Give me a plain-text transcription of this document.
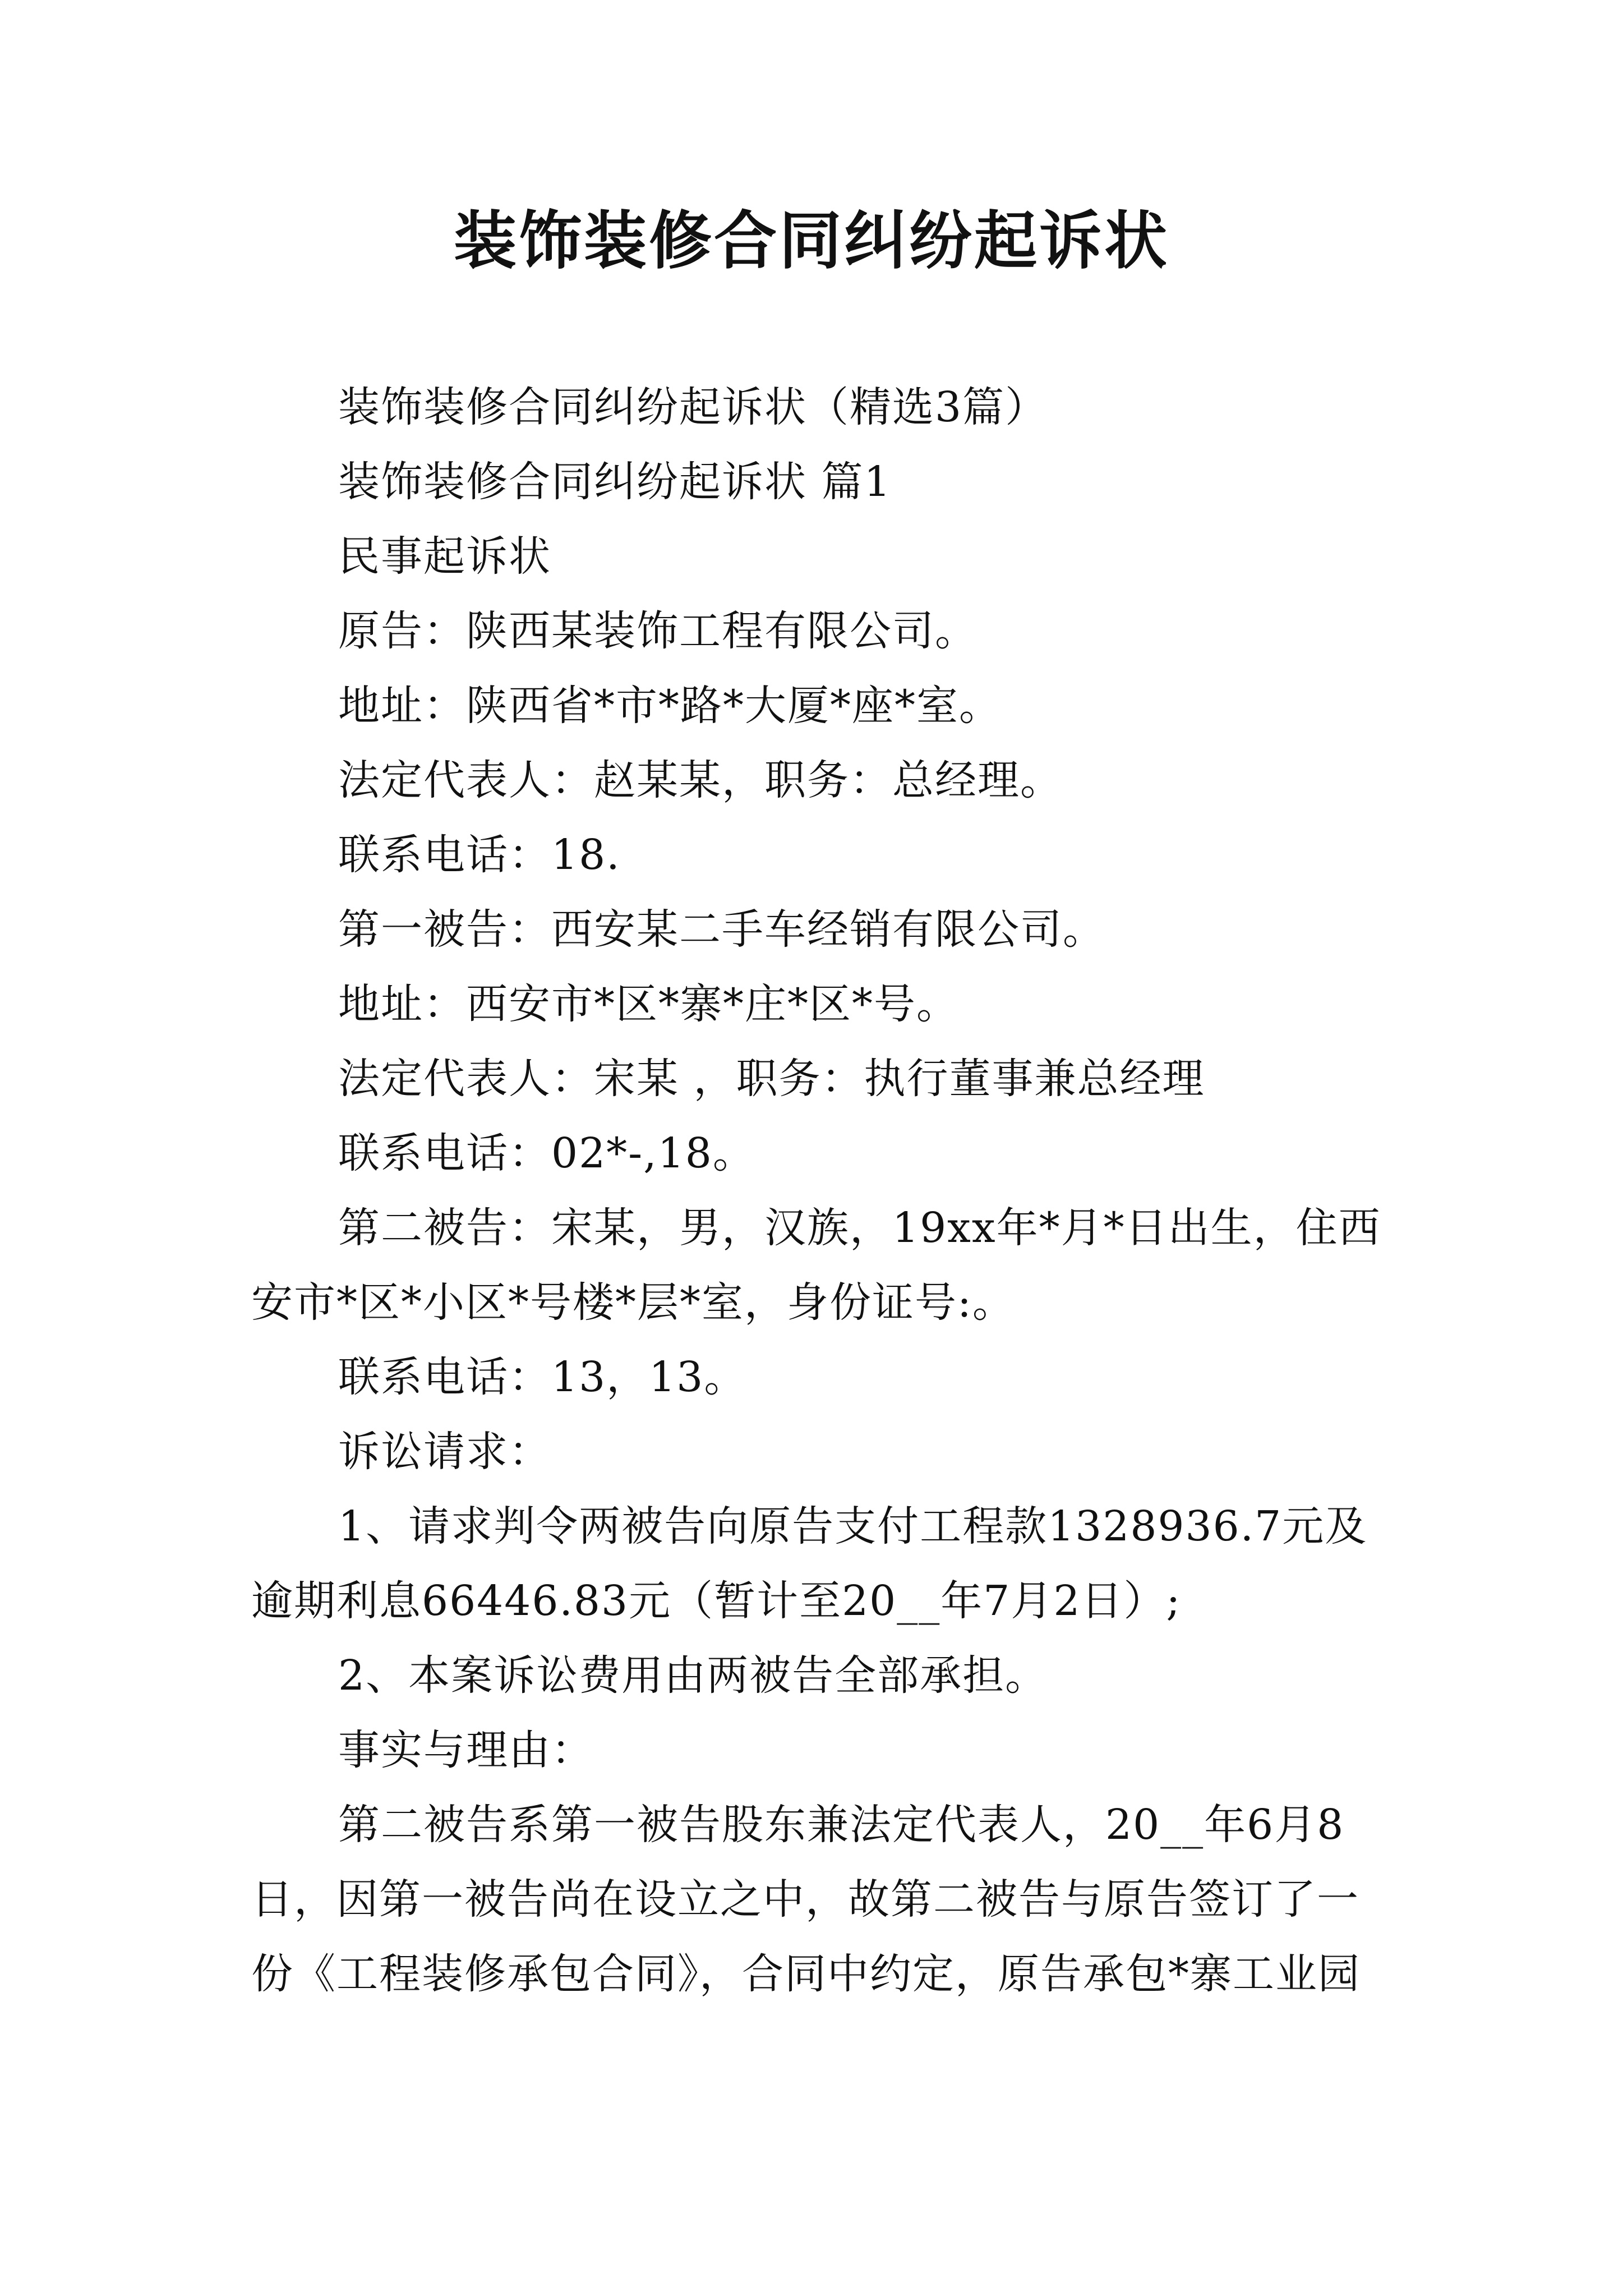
装饰装修合同纠纷起诉状

装饰装修合同纠纷起诉状（精选3篇）

装饰装修合同纠纷起诉状 篇1

民事起诉状

原告：陕西某装饰工程有限公司。

地址：陕西省*市*路*大厦*座*室。

法定代表人：赵某某，职务：总经理。

联系电话：18.

第一被告：西安某二手车经销有限公司。

地址：西安市*区*寨*庄*区*号。

法定代表人：宋某 ，职务：执行董事兼总经理

联系电话：02*-,18。

第二被告：宋某，男，汉族，19xx年*月*日出生，住西安市*区*小区*号楼*层*室，身份证号:。

联系电话：13，13。

诉讼请求：

1、请求判令两被告向原告支付工程款1328936.7元及逾期利息66446.83元（暂计至20__年7月2日）;

2、本案诉讼费用由两被告全部承担。

事实与理由：

第二被告系第一被告股东兼法定代表人，20__年6月8日，因第一被告尚在设立之中，故第二被告与原告签订了一份《工程装修承包合同》，合同中约定，原告承包*寨工业园
